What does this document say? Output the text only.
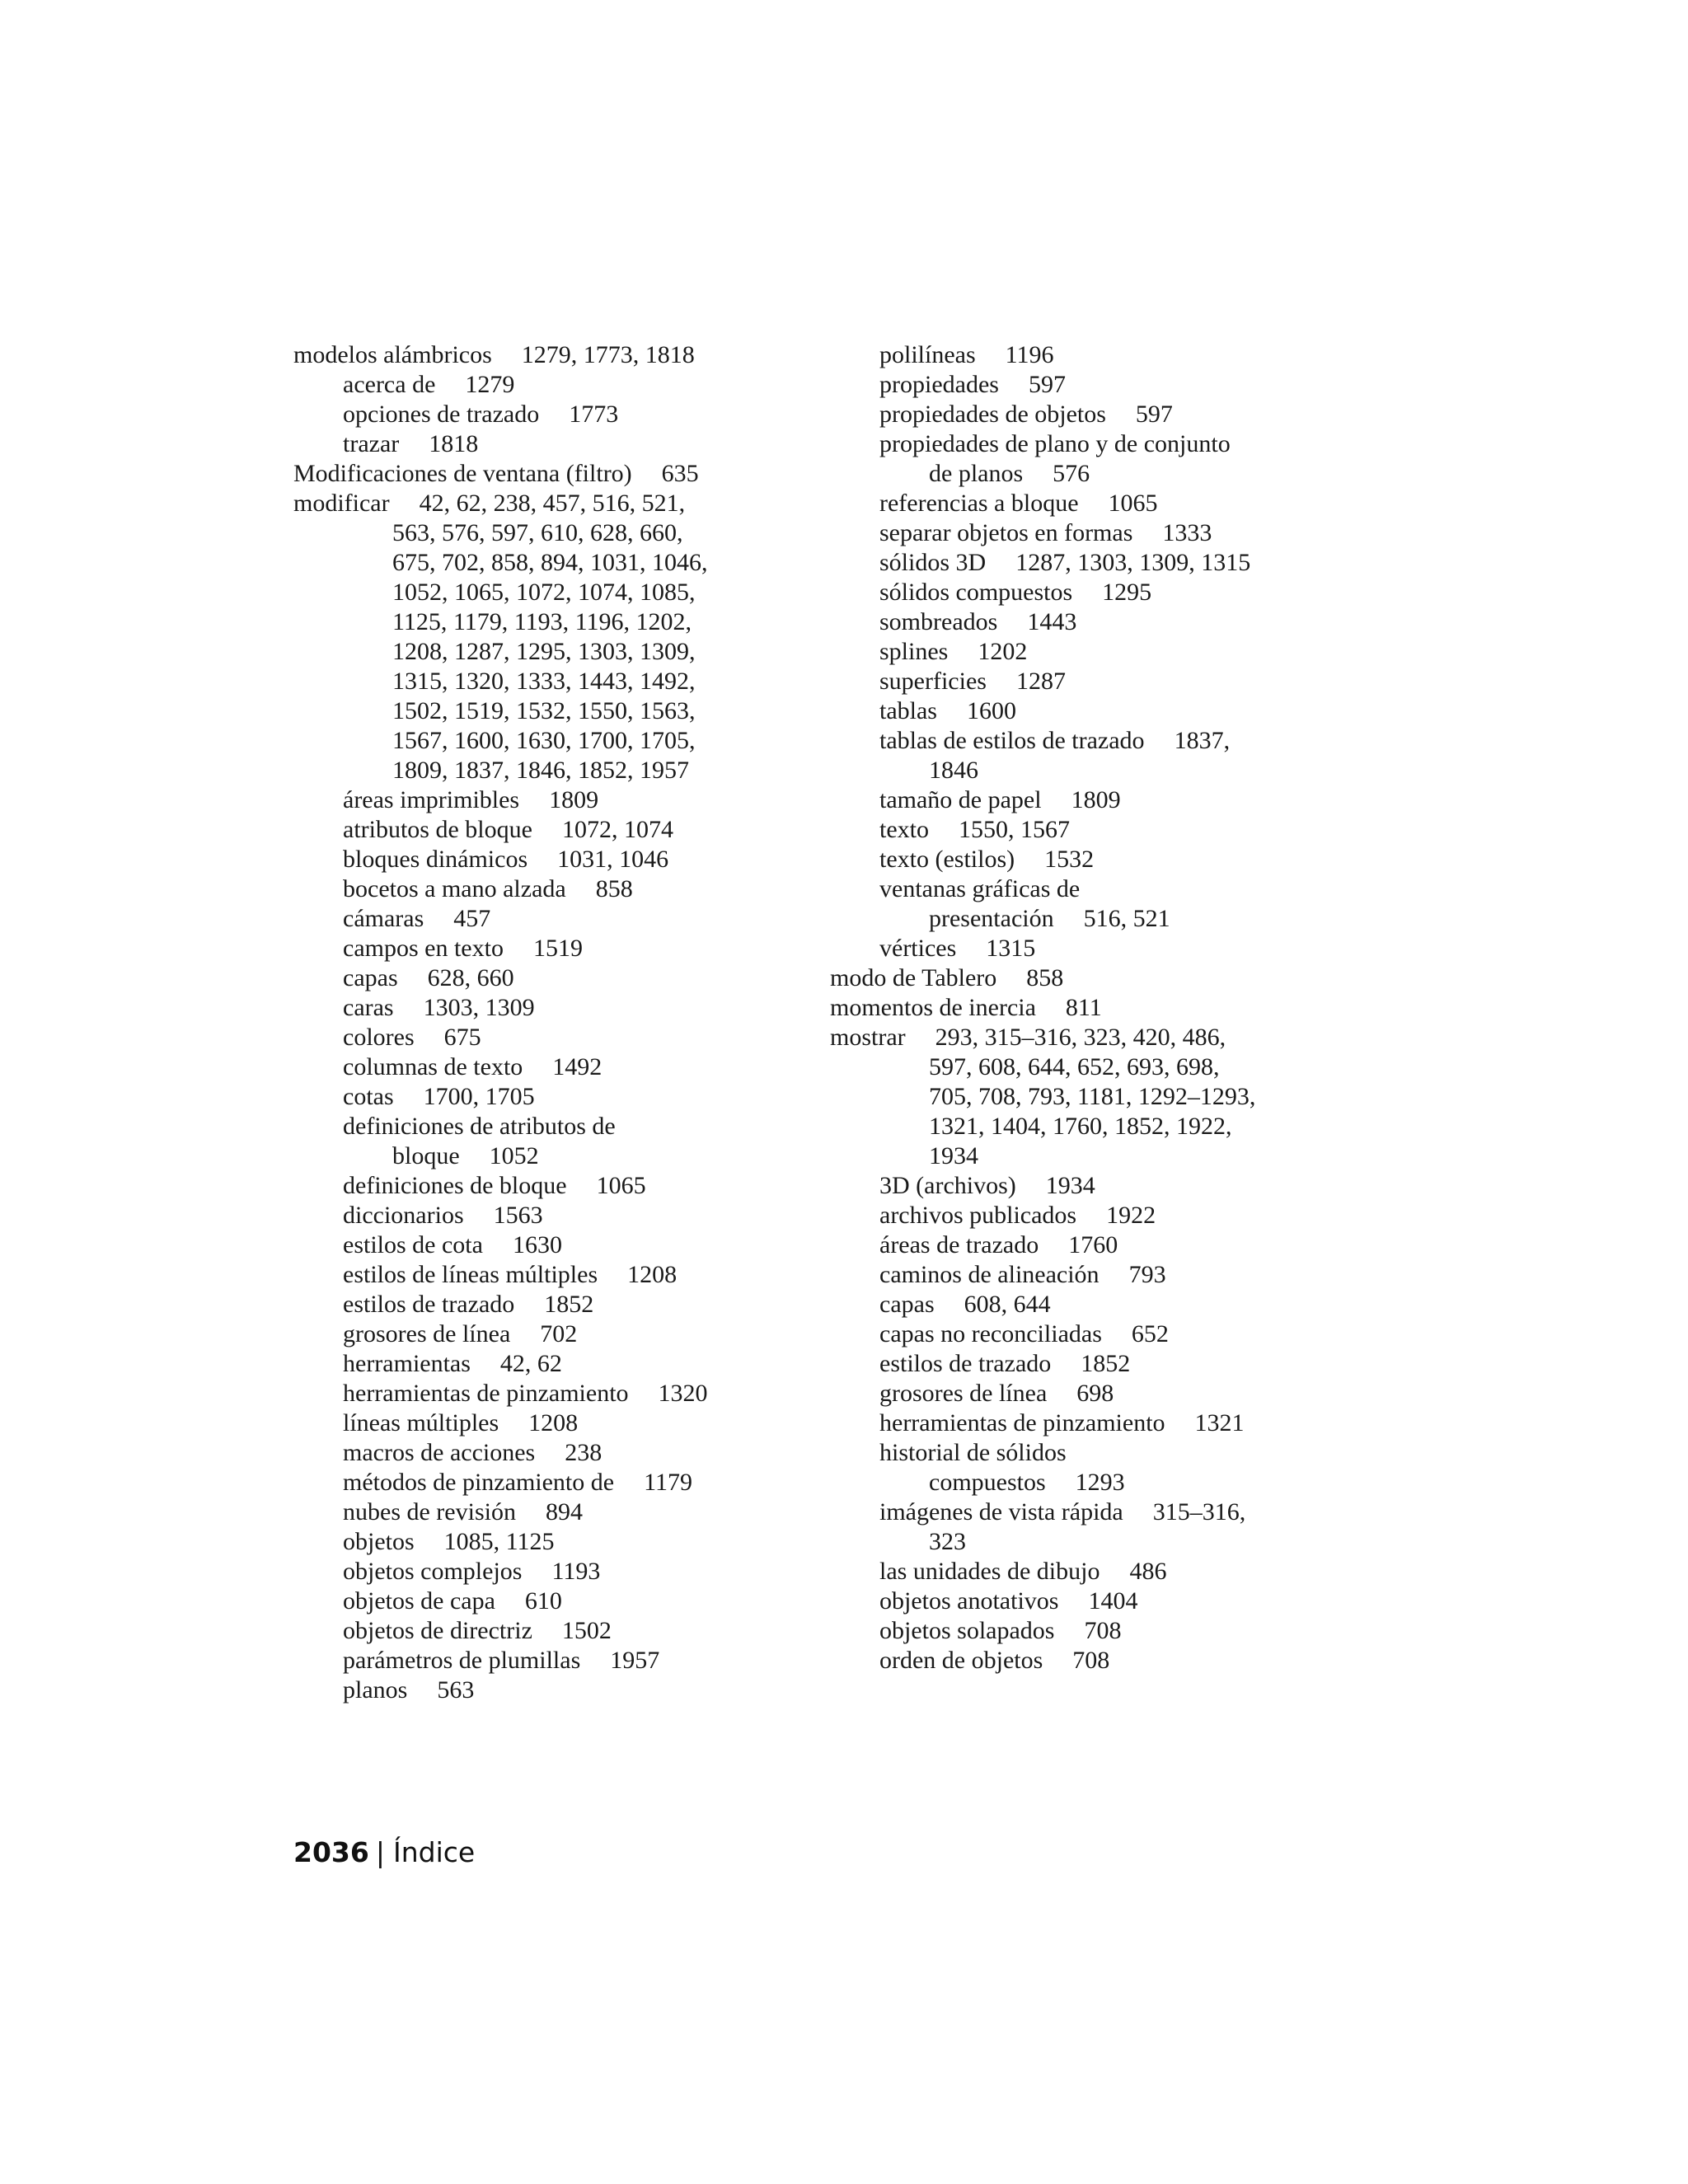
modelos alámbricos 1279, 1773, 1818
acerca de 1279
opciones de trazado 1773
trazar 1818
Modificaciones de ventana (filtro) 635
modificar 42, 62, 238, 457, 516, 521,
563, 576, 597, 610, 628, 660,
675, 702, 858, 894, 1031, 1046,
1052, 1065, 1072, 1074, 1085,
1125, 1179, 1193, 1196, 1202,
1208, 1287, 1295, 1303, 1309,
1315, 1320, 1333, 1443, 1492,
1502, 1519, 1532, 1550, 1563,
1567, 1600, 1630, 1700, 1705,
1809, 1837, 1846, 1852, 1957
áreas imprimibles 1809
atributos de bloque 1072, 1074
bloques dinámicos 1031, 1046
bocetos a mano alzada 858
cámaras 457
campos en texto 1519
capas 628, 660
caras 1303, 1309
colores 675
columnas de texto 1492
cotas 1700, 1705
definiciones de atributos de
bloque 1052
definiciones de bloque 1065
diccionarios 1563
estilos de cota 1630
estilos de líneas múltiples 1208
estilos de trazado 1852
grosores de línea 702
herramientas 42, 62
herramientas de pinzamiento 1320
líneas múltiples 1208
macros de acciones 238
métodos de pinzamiento de 1179
nubes de revisión 894
objetos 1085, 1125
objetos complejos 1193
objetos de capa 610
objetos de directriz 1502
parámetros de plumillas 1957
planos 563
polilíneas 1196
propiedades 597
propiedades de objetos 597
propiedades de plano y de conjunto
de planos 576
referencias a bloque 1065
separar objetos en formas 1333
sólidos 3D 1287, 1303, 1309, 1315
sólidos compuestos 1295
sombreados 1443
splines 1202
superficies 1287
tablas 1600
tablas de estilos de trazado 1837,
1846
tamaño de papel 1809
texto 1550, 1567
texto (estilos) 1532
ventanas gráficas de
presentación 516, 521
vértices 1315
modo de Tablero 858
momentos de inercia 811
mostrar 293, 315–316, 323, 420, 486,
597, 608, 644, 652, 693, 698,
705, 708, 793, 1181, 1292–1293,
1321, 1404, 1760, 1852, 1922,
1934
3D (archivos) 1934
archivos publicados 1922
áreas de trazado 1760
caminos de alineación 793
capas 608, 644
capas no reconciliadas 652
estilos de trazado 1852
grosores de línea 698
herramientas de pinzamiento 1321
historial de sólidos
compuestos 1293
imágenes de vista rápida 315–316,
323
las unidades de dibujo 486
objetos anotativos 1404
objetos solapados 708
orden de objetos 708
2036 | Índice
